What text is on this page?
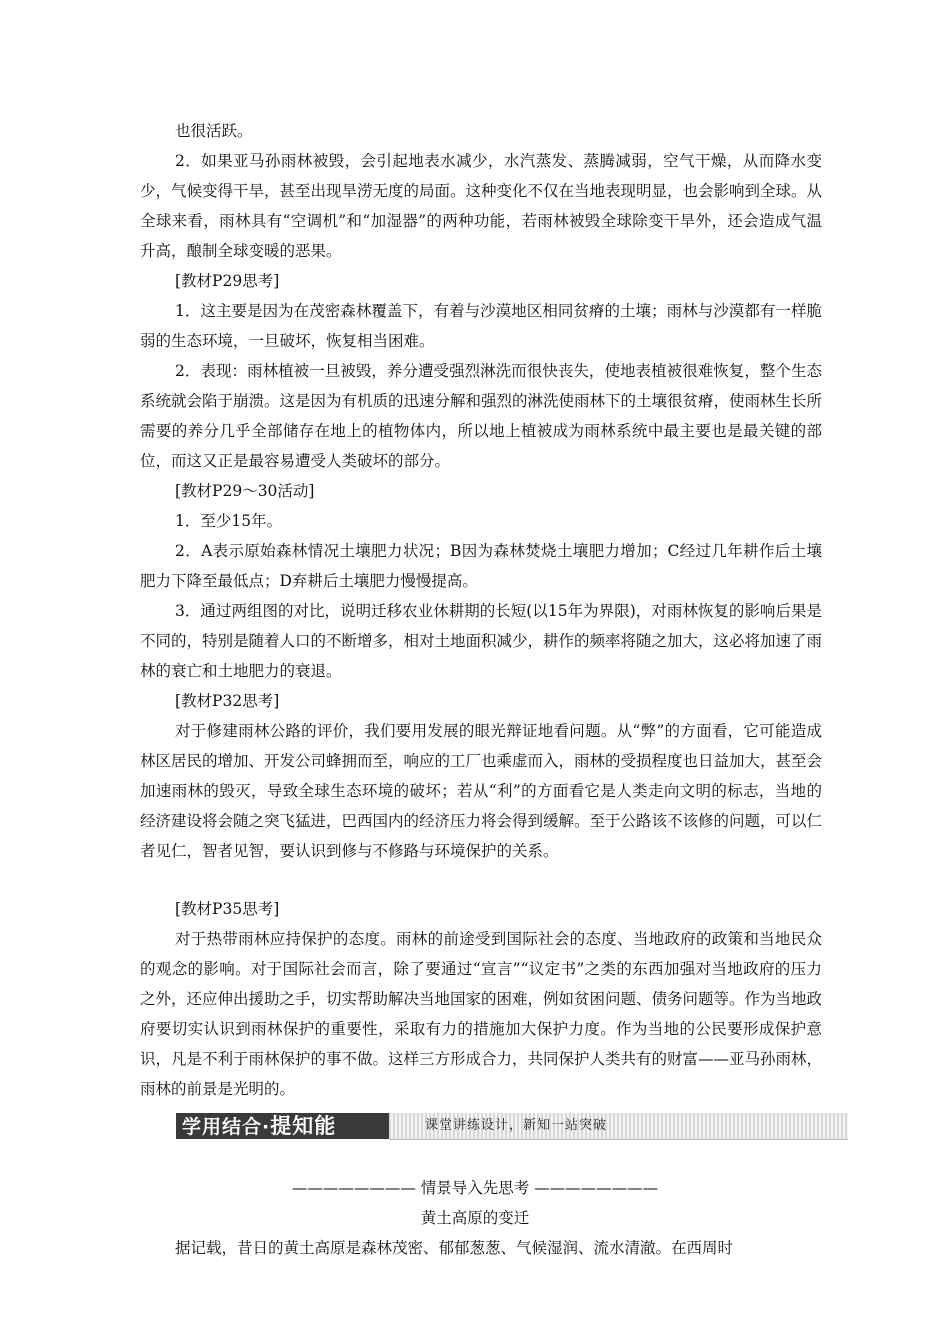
也很活跃。

2．如果亚马孙雨林被毁，会引起地表水减少，水汽蒸发、蒸腾减弱，空气干燥，从而降水变少，气候变得干旱，甚至出现旱涝无度的局面。这种变化不仅在当地表现明显，也会影响到全球。从全球来看，雨林具有“空调机”和“加湿器”的两种功能，若雨林被毁全球除变干旱外，还会造成气温升高，酿制全球变暖的恶果。

[教材P29思考]

1．这主要是因为在茂密森林覆盖下，有着与沙漠地区相同贫瘠的土壤；雨林与沙漠都有一样脆弱的生态环境，一旦破坏，恢复相当困难。

2．表现：雨林植被一旦被毁，养分遭受强烈淋洗而很快丧失，使地表植被很难恢复，整个生态系统就会陷于崩溃。这是因为有机质的迅速分解和强烈的淋洗使雨林下的土壤很贫瘠，使雨林生长所需要的养分几乎全部储存在地上的植物体内，所以地上植被成为雨林系统中最主要也是最关键的部位，而这又正是最容易遭受人类破坏的部分。

[教材P29～30活动]

1．至少15年。

2．A表示原始森林情况土壤肥力状况；B因为森林焚烧土壤肥力增加；C经过几年耕作后土壤肥力下降至最低点；D弃耕后土壤肥力慢慢提高。

3．通过两组图的对比，说明迁移农业休耕期的长短(以15年为界限)，对雨林恢复的影响后果是不同的，特别是随着人口的不断增多，相对土地面积减少，耕作的频率将随之加大，这必将加速了雨林的衰亡和土地肥力的衰退。

[教材P32思考]

对于修建雨林公路的评价，我们要用发展的眼光辩证地看问题。从“弊”的方面看，它可能造成林区居民的增加、开发公司蜂拥而至，响应的工厂也乘虚而入，雨林的受损程度也日益加大，甚至会加速雨林的毁灭，导致全球生态环境的破坏；若从“利”的方面看它是人类走向文明的标志，当地的经济建设将会随之突飞猛进，巴西国内的经济压力将会得到缓解。至于公路该不该修的问题，可以仁者见仁，智者见智，要认识到修与不修路与环境保护的关系。

[教材P35思考]

对于热带雨林应持保护的态度。雨林的前途受到国际社会的态度、当地政府的政策和当地民众的观念的影响。对于国际社会而言，除了要通过“宣言”“议定书”之类的东西加强对当地政府的压力之外，还应伸出援助之手，切实帮助解决当地国家的困难，例如贫困问题、债务问题等。作为当地政府要切实认识到雨林保护的重要性，采取有力的措施加大保护力度。作为当地的公民要形成保护意识，凡是不利于雨林保护的事不做。这样三方形成合力，共同保护人类共有的财富——亚马孙雨林，雨林的前景是光明的。

学用结合·提知能	课堂讲练设计，新知一站突破
———————— 情景导入先思考 ————————
黄土高原的变迁

据记载，昔日的黄土高原是森林茂密、郁郁葱葱、气候湿润、流水清澈。在西周时
